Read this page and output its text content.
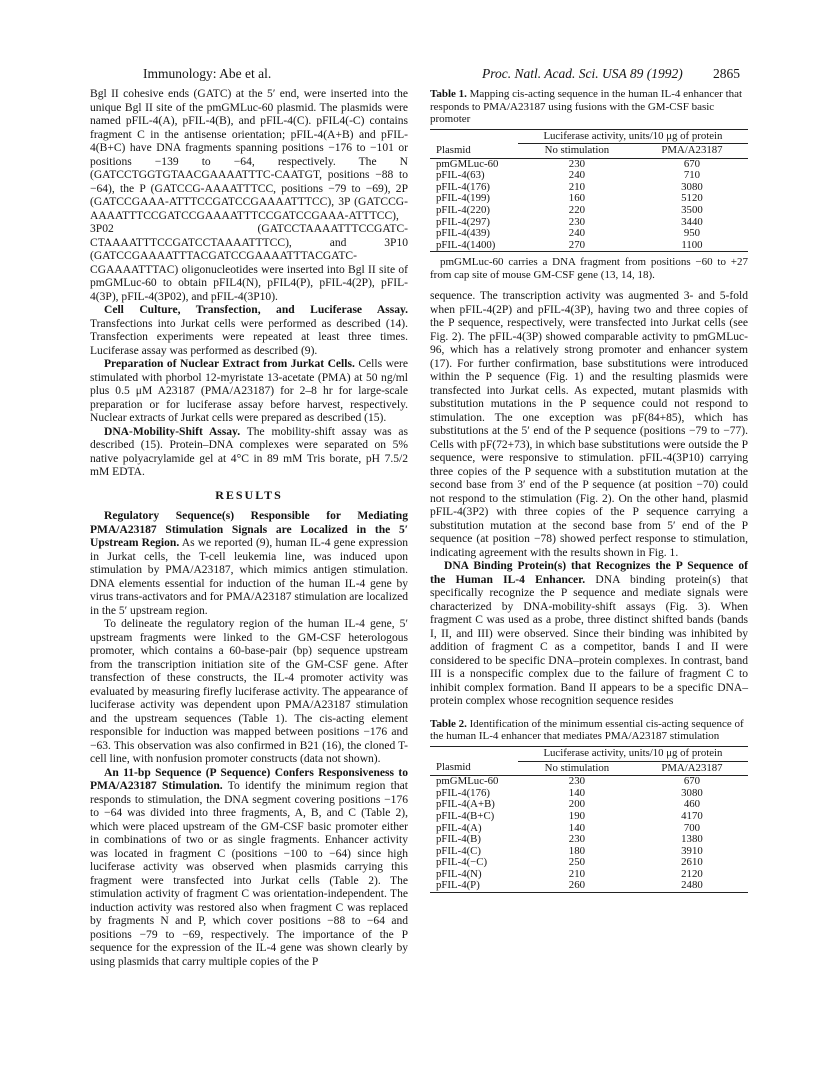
Immunology: Abe et al.	Proc. Natl. Acad. Sci. USA 89 (1992) 2865

Bgl II cohesive ends (GATC) at the 5′ end, were inserted into the unique Bgl II site of the pmGMLuc-60 plasmid. The plasmids were named pFIL-4(A), pFIL-4(B), and pFIL-4(C). pFIL4(-C) contains fragment C in the antisense orientation; pFIL-4(A+B) and pFIL-4(B+C) have DNA fragments spanning positions −176 to −101 or positions −139 to −64, respectively. The N (GATCCTGGTGTAACGAAAATTTC-CAATGT, positions −88 to −64), the P (GATCCG-AAAATTTCC, positions −79 to −69), 2P (GATCCGAAA-ATTTCCGATCCGAAAATTTCC), 3P (GATCCG-AAAATTTCCGATCCGAAAATTTCCGATCCGAAA-ATTTCC), 3P02 (GATCCTAAAATTTCCGATC-CTAAAATTTCCGATCCTAAAATTTCC), and 3P10 (GATCCGAAAATTTACGATCCGAAAATTTACGATC-CGAAAATTTAC) oligonucleotides were inserted into Bgl II site of pmGMLuc-60 to obtain pFIL4(N), pFIL4(P), pFIL-4(2P), pFIL-4(3P), pFIL-4(3P02), and pFIL-4(3P10).

Cell Culture, Transfection, and Luciferase Assay. Transfections into Jurkat cells were performed as described (14). Transfection experiments were repeated at least three times. Luciferase assay was performed as described (9).

Preparation of Nuclear Extract from Jurkat Cells. Cells were stimulated with phorbol 12-myristate 13-acetate (PMA) at 50 ng/ml plus 0.5 μM A23187 (PMA/A23187) for 2–8 hr for large-scale preparation or for luciferase assay before harvest, respectively. Nuclear extracts of Jurkat cells were prepared as described (15).

DNA-Mobility-Shift Assay. The mobility-shift assay was as described (15). Protein–DNA complexes were separated on 5% native polyacrylamide gel at 4°C in 89 mM Tris borate, pH 7.5/2 mM EDTA.

RESULTS

Regulatory Sequence(s) Responsible for Mediating PMA/A23187 Stimulation Signals are Localized in the 5′ Upstream Region. As we reported (9), human IL-4 gene expression in Jurkat cells, the T-cell leukemia line, was induced upon stimulation by PMA/A23187, which mimics antigen stimulation. DNA elements essential for induction of the human IL-4 gene by virus trans-activators and for PMA/A23187 stimulation are localized in the 5′ upstream region.

To delineate the regulatory region of the human IL-4 gene, 5′ upstream fragments were linked to the GM-CSF heterologous promoter, which contains a 60-base-pair (bp) sequence upstream from the transcription initiation site of the GM-CSF gene. After transfection of these constructs, the IL-4 promoter activity was evaluated by measuring firefly luciferase activity. The appearance of luciferase activity was dependent upon PMA/A23187 stimulation and the upstream sequences (Table 1). The cis-acting element responsible for induction was mapped between positions −176 and −63. This observation was also confirmed in B21 (16), the cloned T-cell line, with nonfusion promoter constructs (data not shown).

An 11-bp Sequence (P Sequence) Confers Responsiveness to PMA/A23187 Stimulation. To identify the minimum region that responds to stimulation, the DNA segment covering positions −176 to −64 was divided into three fragments, A, B, and C (Table 2), which were placed upstream of the GM-CSF basic promoter either in combinations of two or as single fragments. Enhancer activity was located in fragment C (positions −100 to −64) since high luciferase activity was observed when plasmids carrying this fragment were transfected into Jurkat cells (Table 2). The stimulation activity of fragment C was orientation-independent. The induction activity was restored also when fragment C was replaced by fragments N and P, which cover positions −88 to −64 and positions −79 to −69, respectively. The importance of the P sequence for the expression of the IL-4 gene was shown clearly by using plasmids that carry multiple copies of the P

Table 1. Mapping cis-acting sequence in the human IL-4 enhancer that responds to PMA/A23187 using fusions with the GM-CSF basic promoter

	Luciferase activity, units/10 μg of protein	
Plasmid	No stimulation	PMA/A23187
pmGMLuc-60	230	670
pFIL-4(63)	240	710
pFIL-4(176)	210	3080
pFIL-4(199)	160	5120
pFIL-4(220)	220	3500
pFIL-4(297)	230	3440
pFIL-4(439)	240	950
pFIL-4(1400)	270	1100

pmGMLuc-60 carries a DNA fragment from positions −60 to +27 from cap site of mouse GM-CSF gene (13, 14, 18).

sequence. The transcription activity was augmented 3- and 5-fold when pFIL-4(2P) and pFIL-4(3P), having two and three copies of the P sequence, respectively, were transfected into Jurkat cells (see Fig. 2). The pFIL-4(3P) showed comparable activity to pmGMLuc-96, which has a relatively strong promoter and enhancer system (17). For further confirmation, base substitutions were introduced within the P sequence (Fig. 1) and the resulting plasmids were transfected into Jurkat cells. As expected, mutant plasmids with substitution mutations in the P sequence could not respond to stimulation. The one exception was pF(84+85), which has substitutions at the 5′ end of the P sequence (positions −79 to −77). Cells with pF(72+73), in which base substitutions were outside the P sequence, were responsive to stimulation. pFIL-4(3P10) carrying three copies of the P sequence with a substitution mutation at the second base from 3′ end of the P sequence (at position −70) could not respond to the stimulation (Fig. 2). On the other hand, plasmid pFIL-4(3P2) with three copies of the P sequence carrying a substitution mutation at the second base from 5′ end of the P sequence (at position −78) showed perfect response to stimulation, indicating agreement with the results shown in Fig. 1.

DNA Binding Protein(s) that Recognizes the P Sequence of the Human IL-4 Enhancer. DNA binding protein(s) that specifically recognize the P sequence and mediate signals were characterized by DNA-mobility-shift assays (Fig. 3). When fragment C was used as a probe, three distinct shifted bands (bands I, II, and III) were observed. Since their binding was inhibited by addition of fragment C as a competitor, bands I and II were considered to be specific DNA–protein complexes. In contrast, band III is a nonspecific complex due to the failure of fragment C to inhibit complex formation. Band II appears to be a specific DNA–protein complex whose recognition sequence resides

Table 2. Identification of the minimum essential cis-acting sequence of the human IL-4 enhancer that mediates PMA/A23187 stimulation

	Luciferase activity, units/10 μg of protein	
Plasmid	No stimulation	PMA/A23187
pmGMLuc-60	230	670
pFIL-4(176)	140	3080
pFIL-4(A+B)	200	460
pFIL-4(B+C)	190	4170
pFIL-4(A)	140	700
pFIL-4(B)	230	1380
pFIL-4(C)	180	3910
pFIL-4(−C)	250	2610
pFIL-4(N)	210	2120
pFIL-4(P)	260	2480
